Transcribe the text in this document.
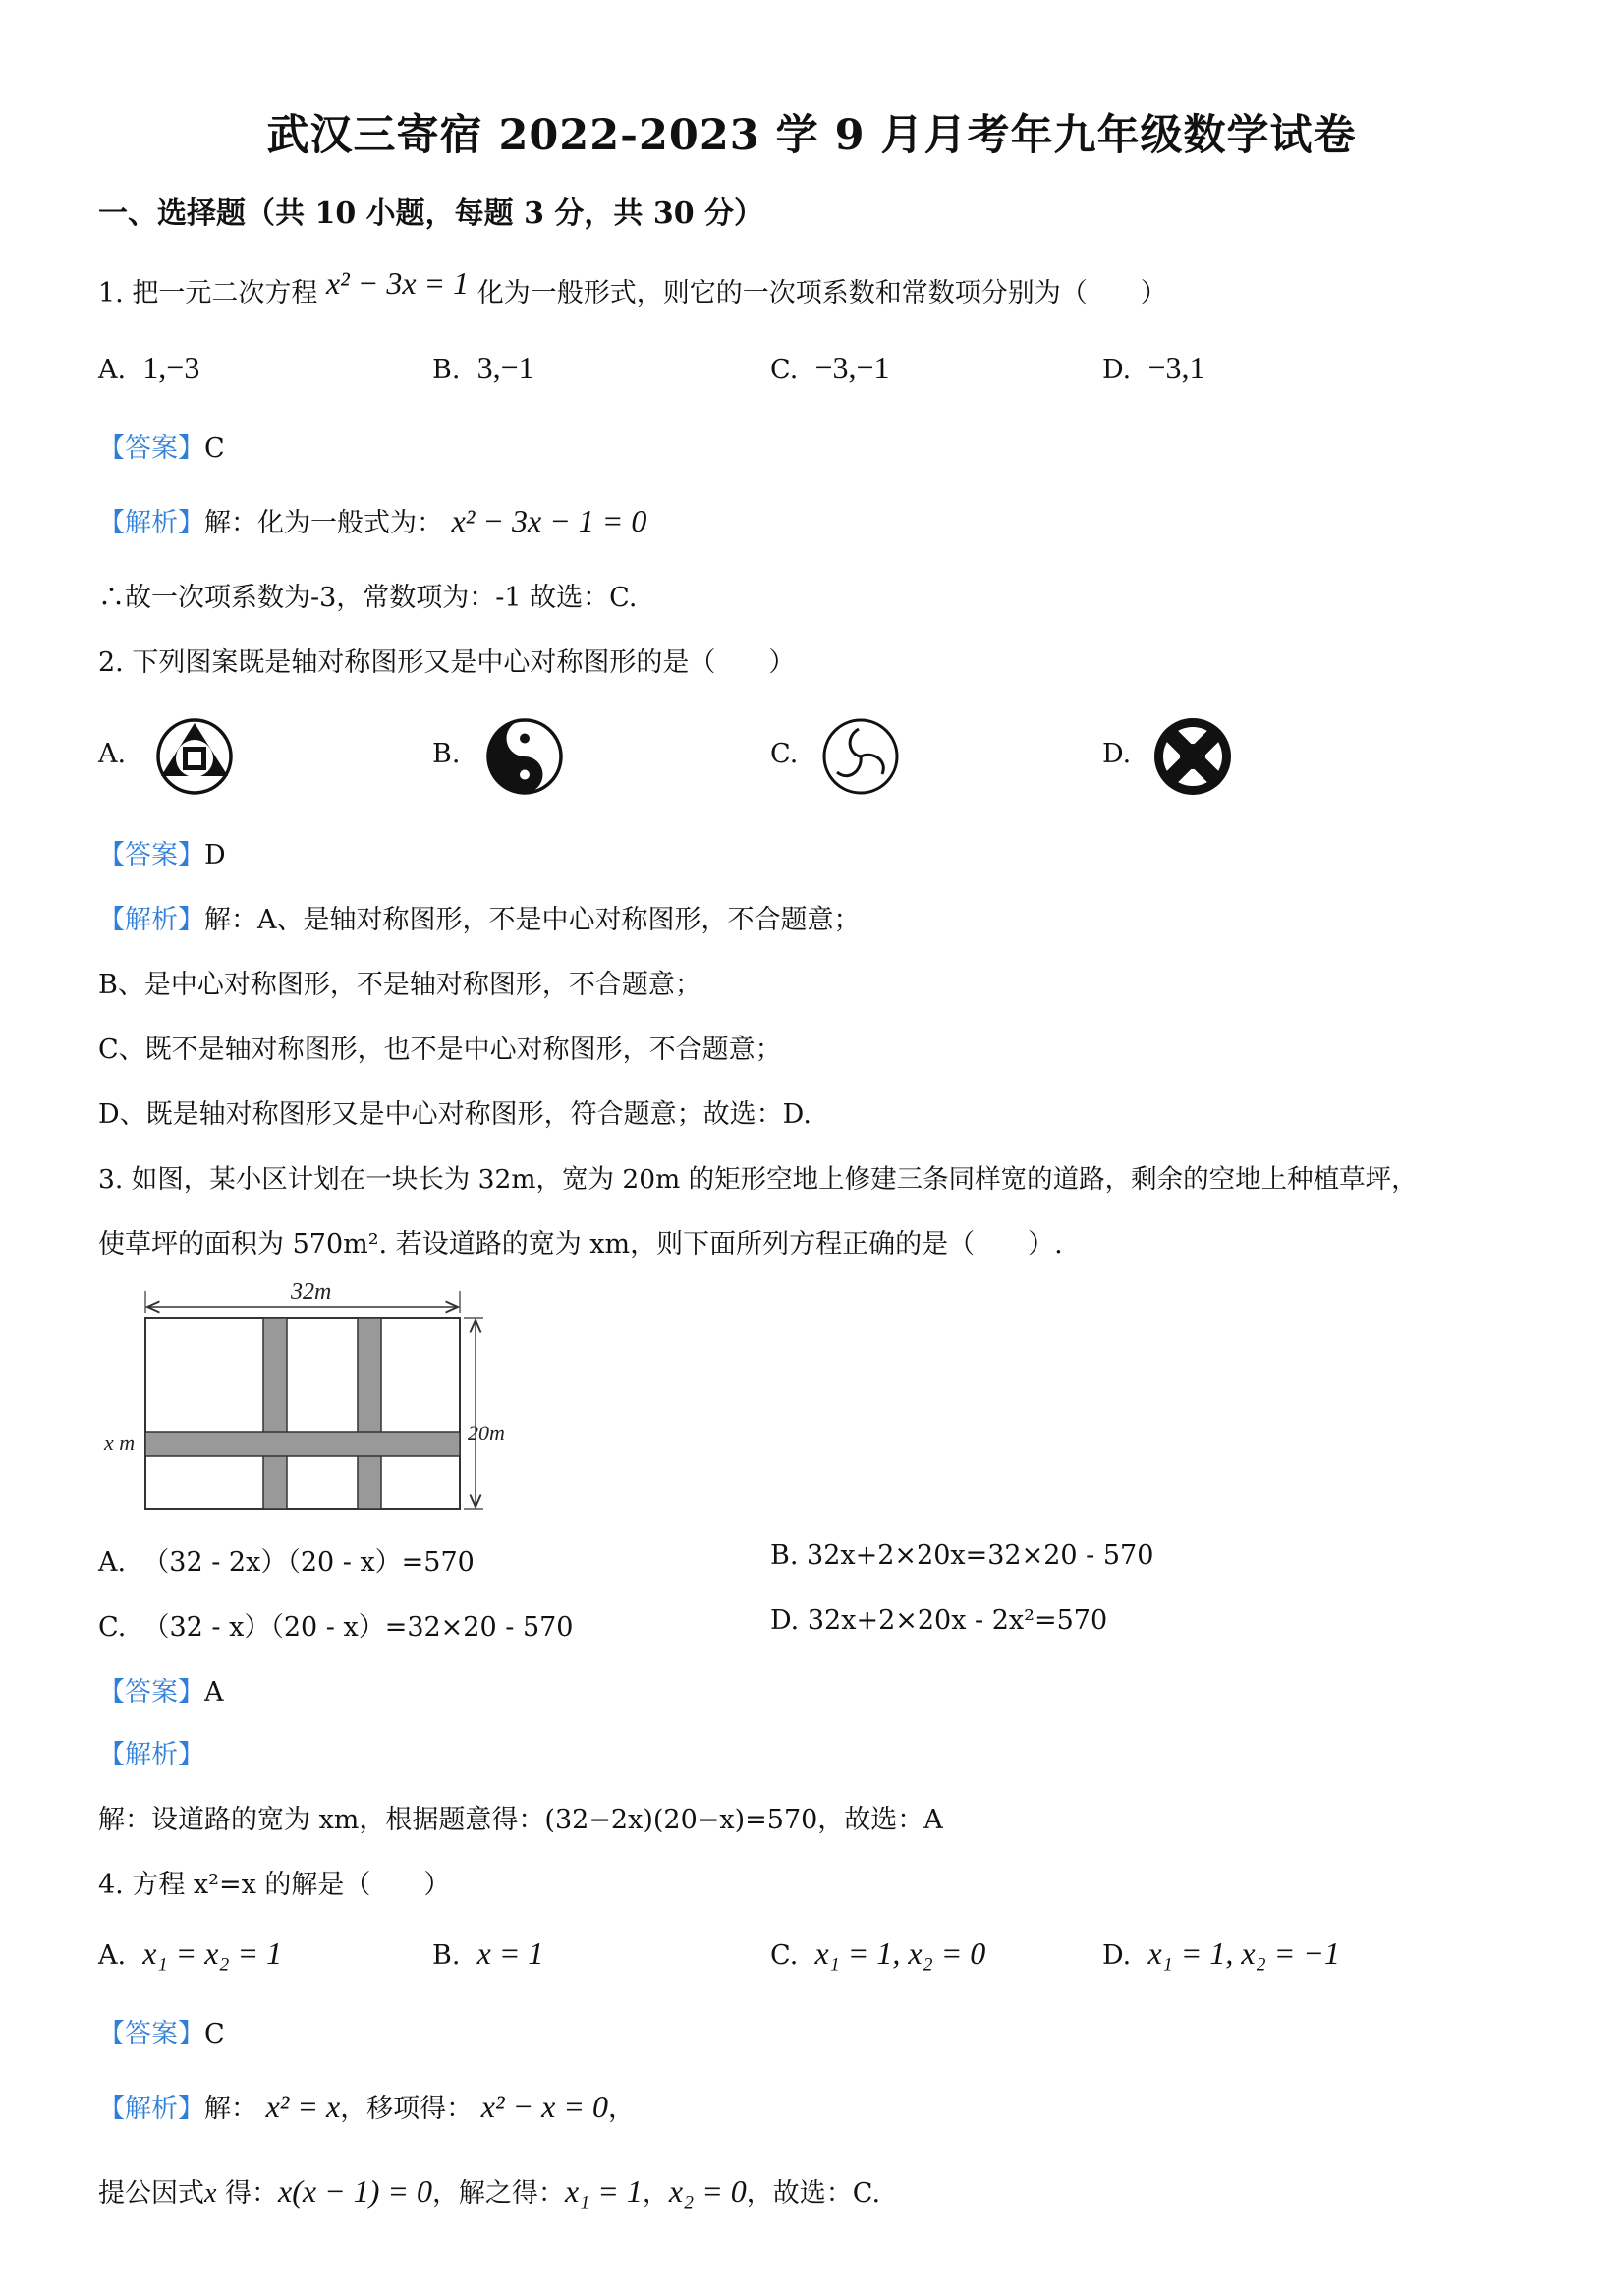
武汉三寄宿 2022-2023 学 9 月月考年九年级数学试卷
一、选择题（共 10 小题，每题 3 分，共 30 分）
1. 把一元二次方程 x² − 3x = 1 化为一般形式，则它的一次项系数和常数项分别为（　　）
A. 1,−3	B. 3,−1	C. −3,−1	D. −3,1
【答案】C
【解析】解：化为一般式为： x² − 3x − 1 = 0
∴故一次项系数为-3，常数项为：-1 故选：C.
2. 下列图案既是轴对称图形又是中心对称图形的是（　　）
A.	B.	C.	D.
【答案】D
【解析】解：A、是轴对称图形，不是中心对称图形，不合题意；
B、是中心对称图形，不是轴对称图形，不合题意；
C、既不是轴对称图形，也不是中心对称图形，不合题意；
D、既是轴对称图形又是中心对称图形，符合题意；故选：D.
3. 如图，某小区计划在一块长为 32m，宽为 20m 的矩形空地上修建三条同样宽的道路，剩余的空地上种植草坪，
使草坪的面积为 570m². 若设道路的宽为 xm，则下面所列方程正确的是（　　）.
32m
20m
x m
A. （32 - 2x）（20 - x）=570	B. 32x+2×20x=32×20 - 570
C. （32 - x）（20 - x）=32×20 - 570	D. 32x+2×20x - 2x²=570
【答案】A
【解析】
解：设道路的宽为 xm，根据题意得：(32−2x)(20−x)=570，故选：A
4. 方程 x²=x 的解是（　　）
A. x₁ = x₂ = 1	B. x = 1	C. x₁ = 1, x₂ = 0	D. x₁ = 1, x₂ = −1
【答案】C
【解析】解： x² = x，移项得： x² − x = 0，
提公因式x 得：x(x − 1) = 0，解之得：x₁ = 1，x₂ = 0，故选：C.
